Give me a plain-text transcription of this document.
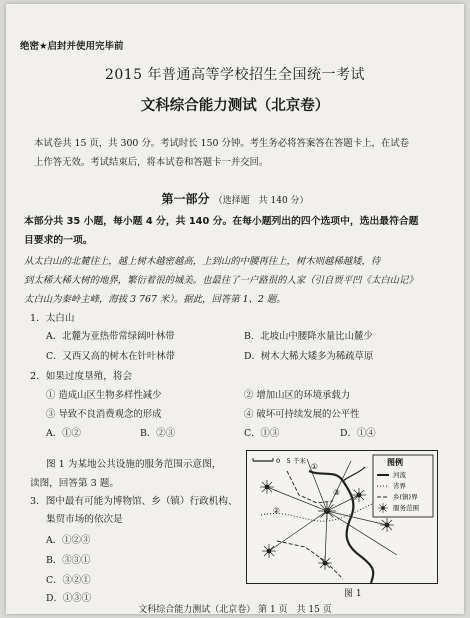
绝密★启封并使用完毕前
2015 年普通高等学校招生全国统一考试
文科综合能力测试（北京卷）
本试卷共 15 页，共 300 分。考试时长 150 分钟。考生务必将答案答在答题卡上，在试卷
上作答无效。考试结束后，将本试卷和答题卡一并交回。
第一部分 （选择题　共 140 分）
本部分共 35 小题，每小题 4 分，共 140 分。在每小题列出的四个选项中，选出最符合题
目要求的一项。
从太白山的北麓往上，越上树木越密越高，上到山的中腰再往上，树木则越稀越矮，待
到太稀大稀大树的地界，繁衍着很的城美。也最往了一户路很的人家（引自贾平凹《太白山记》
太白山为秦岭主峰，海拔 3 767 米）。据此，回答第 1、2 题。
1．太白山
A．北麓为亚热带常绿阔叶林带	B．北坡山中腰降水量比山麓少
C．又西又高的树木在针叶林带	D．树木大稀大矮多为稀疏草原
2．如果过度垦殖，将会
① 造成山区生物多样性减少	② 增加山区的环境承载力
③ 导致不良消费观念的形成	④ 破坏可持续发展的公平性
A．①②	B．②③	C．①③	D．①④
图 1 为某地公共设施的服务范围示意图，
读图，回答第 3 题。
3．图中最有可能为博物馆、乡（镇）行政机构、
集贸市场的依次是
A．①②③
B．③③①
C．③②①
0　5 千米
③
①
②
图例
河流
省界
乡(镇)界
服务范围
图 1
D．①③①
文科综合能力测试（北京卷） 第 1 页　共 15 页
